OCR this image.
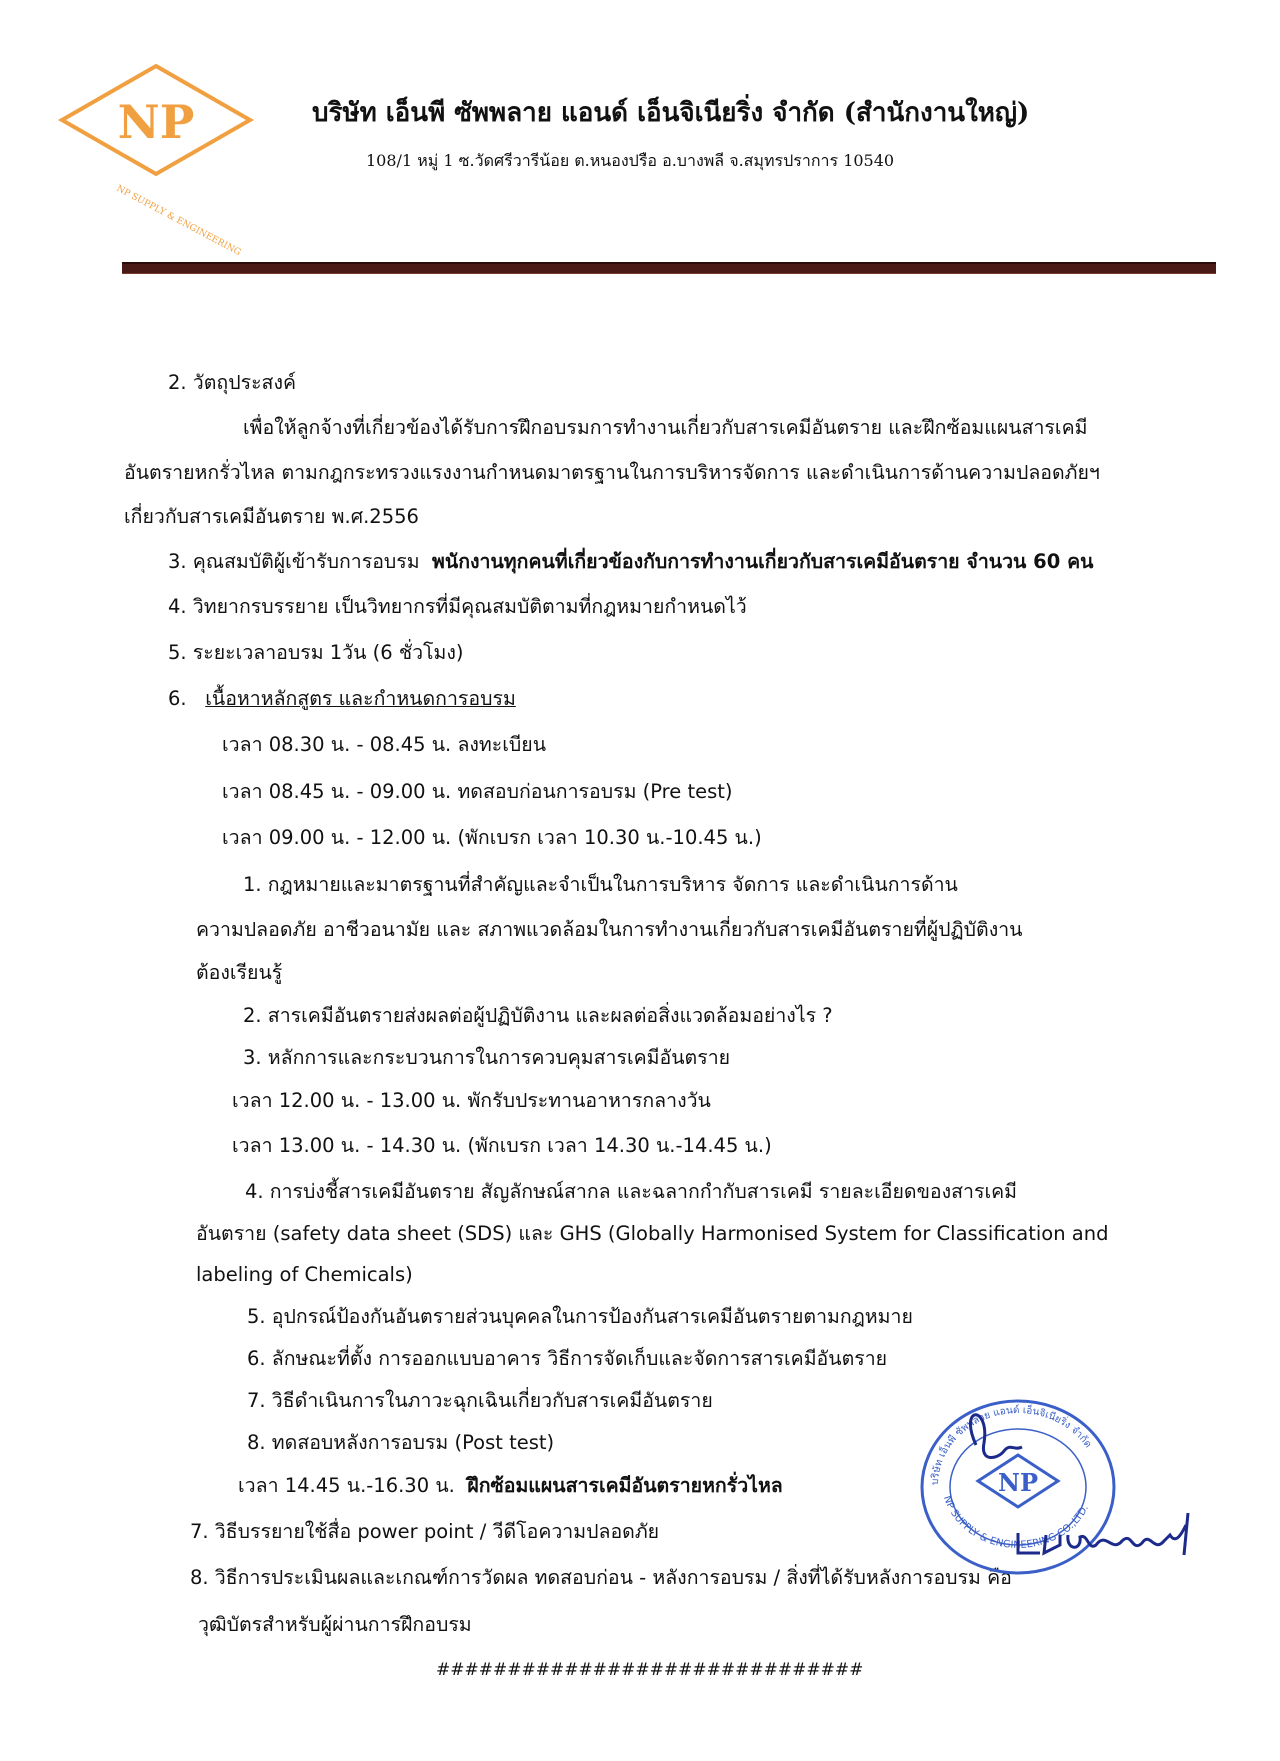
NP
NP SUPPLY & ENGINEERING
บริษัท เอ็นพี ซัพพลาย แอนด์ เอ็นจิเนียริ่ง จำกัด (สำนักงานใหญ่)
108/1 หมู่ 1 ซ.วัดศรีวารีน้อย ต.หนองปรือ อ.บางพลี จ.สมุทรปราการ 10540
2. วัตถุประสงค์
เพื่อให้ลูกจ้างที่เกี่ยวข้องได้รับการฝึกอบรมการทำงานเกี่ยวกับสารเคมีอันตราย และฝึกซ้อมแผนสารเคมี
อันตรายหกรั่วไหล ตามกฎกระทรวงแรงงานกำหนดมาตรฐานในการบริหารจัดการ และดำเนินการด้านความปลอดภัยฯ
เกี่ยวกับสารเคมีอันตราย พ.ศ.2556
3. คุณสมบัติผู้เข้ารับการอบรม พนักงานทุกคนที่เกี่ยวข้องกับการทำงานเกี่ยวกับสารเคมีอันตราย จำนวน 60 คน
4. วิทยากรบรรยาย เป็นวิทยากรที่มีคุณสมบัติตามที่กฎหมายกำหนดไว้
5. ระยะเวลาอบรม 1วัน (6 ชั่วโมง)
6. เนื้อหาหลักสูตร และกำหนดการอบรม
เวลา 08.30 น. - 08.45 น. ลงทะเบียน
เวลา 08.45 น. - 09.00 น. ทดสอบก่อนการอบรม (Pre test)
เวลา 09.00 น. - 12.00 น. (พักเบรก เวลา 10.30 น.-10.45 น.)
1. กฎหมายและมาตรฐานที่สำคัญและจำเป็นในการบริหาร จัดการ และดำเนินการด้าน
ความปลอดภัย อาชีวอนามัย และ สภาพแวดล้อมในการทำงานเกี่ยวกับสารเคมีอันตรายที่ผู้ปฏิบัติงาน
ต้องเรียนรู้
2. สารเคมีอันตรายส่งผลต่อผู้ปฏิบัติงาน และผลต่อสิ่งแวดล้อมอย่างไร ?
3. หลักการและกระบวนการในการควบคุมสารเคมีอันตราย
เวลา 12.00 น. - 13.00 น. พักรับประทานอาหารกลางวัน
เวลา 13.00 น. - 14.30 น. (พักเบรก เวลา 14.30 น.-14.45 น.)
4. การบ่งชี้สารเคมีอันตราย สัญลักษณ์สากล และฉลากกำกับสารเคมี รายละเอียดของสารเคมี
อันตราย (safety data sheet (SDS) และ GHS (Globally Harmonised System for Classification and
labeling of Chemicals)
5. อุปกรณ์ป้องกันอันตรายส่วนบุคคลในการป้องกันสารเคมีอันตรายตามกฎหมาย
6. ลักษณะที่ตั้ง การออกแบบอาคาร วิธีการจัดเก็บและจัดการสารเคมีอันตราย
7. วิธีดำเนินการในภาวะฉุกเฉินเกี่ยวกับสารเคมีอันตราย
8. ทดสอบหลังการอบรม (Post test)
เวลา 14.45 น.-16.30 น. ฝึกซ้อมแผนสารเคมีอันตรายหกรั่วไหล
7. วิธีบรรยายใช้สื่อ power point / วีดีโอความปลอดภัย
8. วิธีการประเมินผลและเกณฑ์การวัดผล ทดสอบก่อน - หลังการอบรม / สิ่งที่ได้รับหลังการอบรม คือ
วุฒิบัตรสำหรับผู้ผ่านการฝึกอบรม
##############################
บริษัท เอ็นพี ซัพพลาย แอนด์ เอ็นจิเนียริ่ง จำกัด
NP SUPPLY & ENGINEERING CO.,LTD.
NP
